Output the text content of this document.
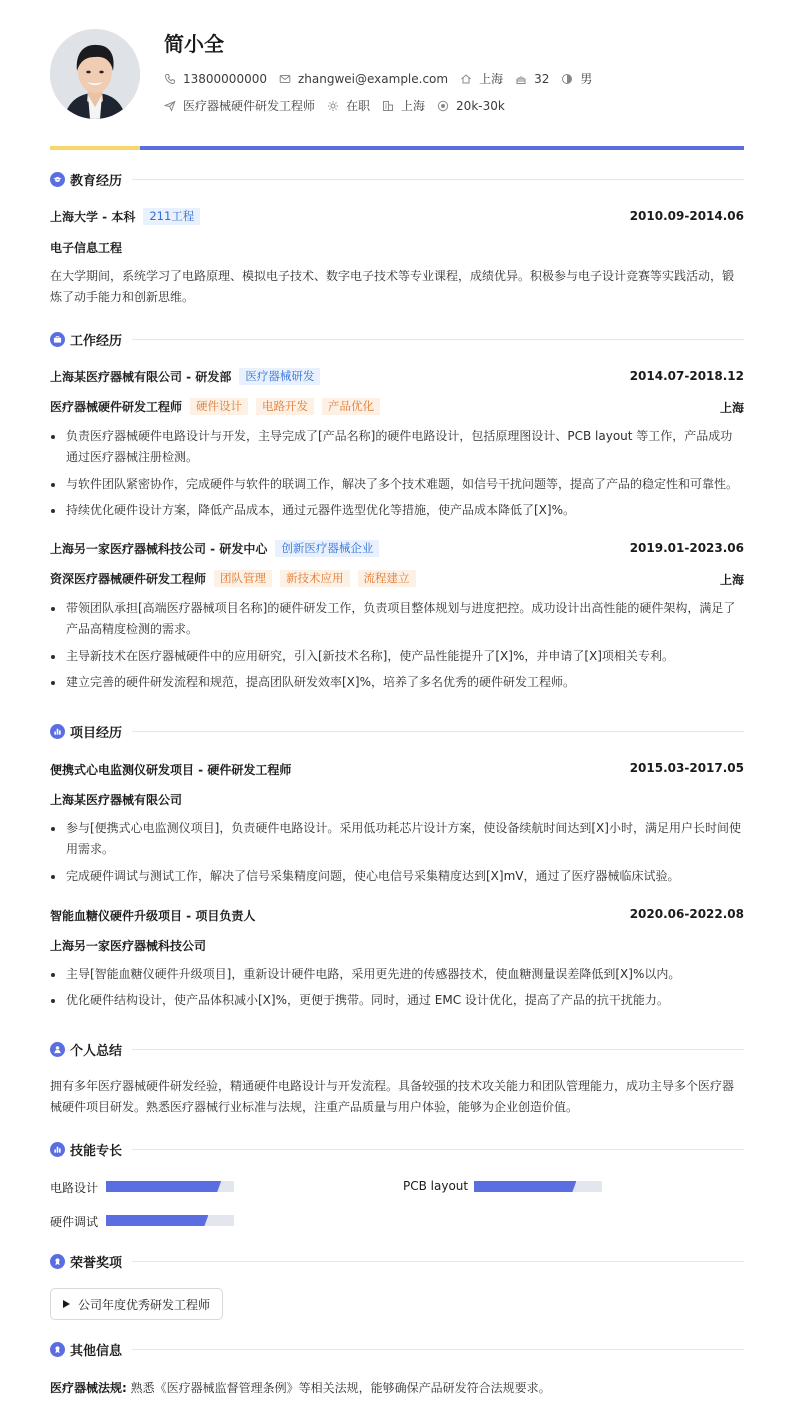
简小全
13800000000	zhangwei@example.com	上海	32	男
医疗器械硬件研发工程师	在职	上海	20k-30k
教育经历
上海大学 - 本科	211工程	2010.09-2014.06
电子信息工程
在大学期间，系统学习了电路原理、模拟电子技术、数字电子技术等专业课程，成绩优异。积极参与电子设计竞赛等实践活动，锻炼了动手能力和创新思维。
工作经历
上海某医疗器械有限公司 - 研发部	医疗器械研发	2014.07-2018.12
医疗器械硬件研发工程师	硬件设计	电路开发	产品优化	上海
负责医疗器械硬件电路设计与开发，主导完成了[产品名称]的硬件电路设计，包括原理图设计、PCB layout 等工作，产品成功通过医疗器械注册检测。
与软件团队紧密协作，完成硬件与软件的联调工作，解决了多个技术难题，如信号干扰问题等，提高了产品的稳定性和可靠性。
持续优化硬件设计方案，降低产品成本，通过元器件选型优化等措施，使产品成本降低了[X]%。
上海另一家医疗器械科技公司 - 研发中心	创新医疗器械企业	2019.01-2023.06
资深医疗器械硬件研发工程师	团队管理	新技术应用	流程建立	上海
带领团队承担[高端医疗器械项目名称]的硬件研发工作，负责项目整体规划与进度把控。成功设计出高性能的硬件架构，满足了产品高精度检测的需求。
主导新技术在医疗器械硬件中的应用研究，引入[新技术名称]，使产品性能提升了[X]%，并申请了[X]项相关专利。
建立完善的硬件研发流程和规范，提高团队研发效率[X]%，培养了多名优秀的硬件研发工程师。
项目经历
便携式心电监测仪研发项目 - 硬件研发工程师	2015.03-2017.05
上海某医疗器械有限公司
参与[便携式心电监测仪项目]，负责硬件电路设计。采用低功耗芯片设计方案，使设备续航时间达到[X]小时，满足用户长时间使用需求。
完成硬件调试与测试工作，解决了信号采集精度问题，使心电信号采集精度达到[X]mV，通过了医疗器械临床试验。
智能血糖仪硬件升级项目 - 项目负责人	2020.06-2022.08
上海另一家医疗器械科技公司
主导[智能血糖仪硬件升级项目]，重新设计硬件电路，采用更先进的传感器技术，使血糖测量误差降低到[X]%以内。
优化硬件结构设计，使产品体积减小[X]%，更便于携带。同时，通过 EMC 设计优化，提高了产品的抗干扰能力。
个人总结
拥有多年医疗器械硬件研发经验，精通硬件电路设计与开发流程。具备较强的技术攻关能力和团队管理能力，成功主导多个医疗器械硬件项目研发。熟悉医疗器械行业标准与法规，注重产品质量与用户体验，能够为企业创造价值。
技能专长
电路设计	PCB layout
硬件调试
荣誉奖项
公司年度优秀研发工程师
其他信息
医疗器械法规: 熟悉《医疗器械监督管理条例》等相关法规，能够确保产品研发符合法规要求。
